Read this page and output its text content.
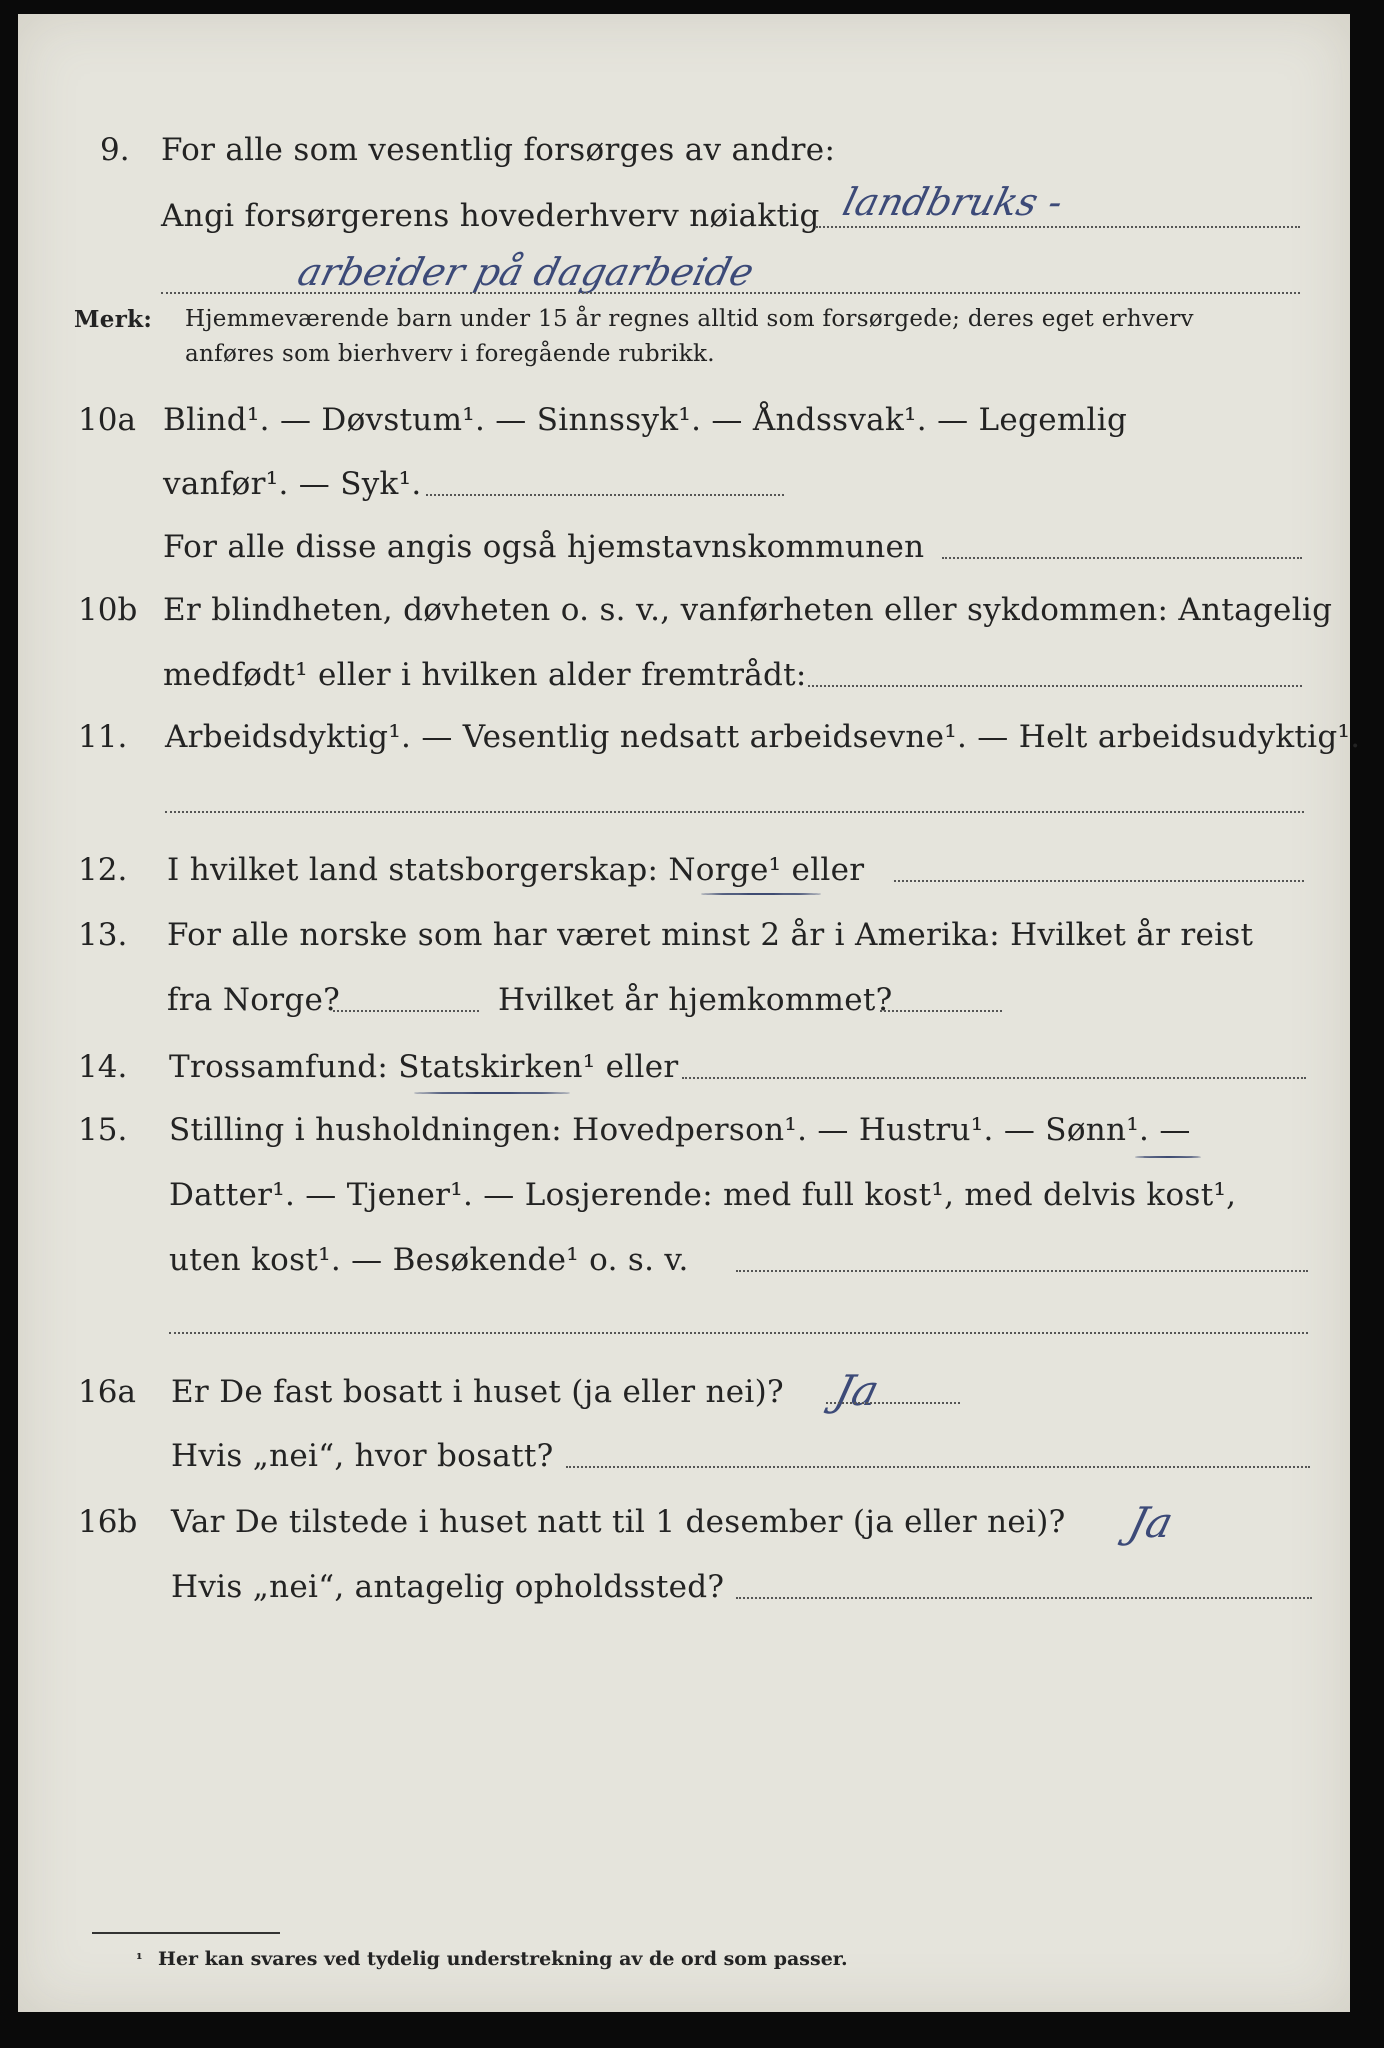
9. For alle som vesentlig forsørges av andre:
landbruks -
Angi forsørgerens hovederhverv nøiaktig
arbeider på dagarbeide
Merk: Hjemmeværende barn under 15 år regnes alltid som forsørgede; deres eget erhverv
anføres som bierhverv i foregående rubrikk.
10a Blind¹. — Døvstum¹. — Sinnssyk¹. — Åndssvak¹. — Legemlig
vanfør¹. — Syk¹.
For alle disse angis også hjemstavnskommunen
10b Er blindheten, døvheten o. s. v., vanførheten eller sykdommen: Antagelig
medfødt¹ eller i hvilken alder fremtrådt:
11. Arbeidsdyktig¹. — Vesentlig nedsatt arbeidsevne¹. — Helt arbeidsudyktig¹.
12. I hvilket land statsborgerskap: Norge¹ eller
13. For alle norske som har været minst 2 år i Amerika: Hvilket år reist
fra Norge?	Hvilket år hjemkommet?
14. Trossamfund: Statskirken¹ eller
15. Stilling i husholdningen: Hovedperson¹. — Hustru¹. — Sønn¹. —
Datter¹. — Tjener¹. — Losjerende: med full kost¹, med delvis kost¹,
uten kost¹. — Besøkende¹ o. s. v.
16a Er De fast bosatt i huset (ja eller nei)? Ja
Hvis „nei“, hvor bosatt?
16b Var De tilstede i huset natt til 1 desember (ja eller nei)? Ja
Hvis „nei“, antagelig opholdssted?
¹ Her kan svares ved tydelig understrekning av de ord som passer.
